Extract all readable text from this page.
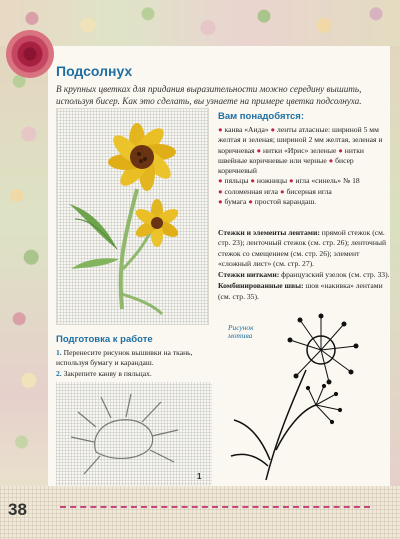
Подсолнух
В крупных цветках для придания выразительности можно середину вышить, используя бисер. Как это сделать, вы узнаете на примере цветка подсолнуха.
Вам понадобятся:
● канва «Аида» ● ленты атласные: шириной 5 мм желтая и зеленая; шириной 2 мм желтая, зеленая и коричневая ● нитки «Ирис» зеленые ● нитки швейные коричневые или черные ● бисер коричневый
● пяльцы ● ножницы ● игла «синель» № 18
● соломенная игла ● бисерная игла
● бумага ● простой карандаш.

Стежки и элементы лентами: прямой стежок (см. стр. 23); ленточный стежок (см. стр. 26); ленточный стежок со смещением (см. стр. 26); элемент «сложный лист» (см. стр. 27).

Стежки нитками: французский узелок (см. стр. 33).

Комбинированные швы: шов «накивка» лентами (см. стр. 35).

Рисунок мотива
Подготовка к работе
1. Перенесите рисунок вышивки на ткань, используя бумагу и карандаш.
2. Закрепите канву в пяльцах.
1
38
